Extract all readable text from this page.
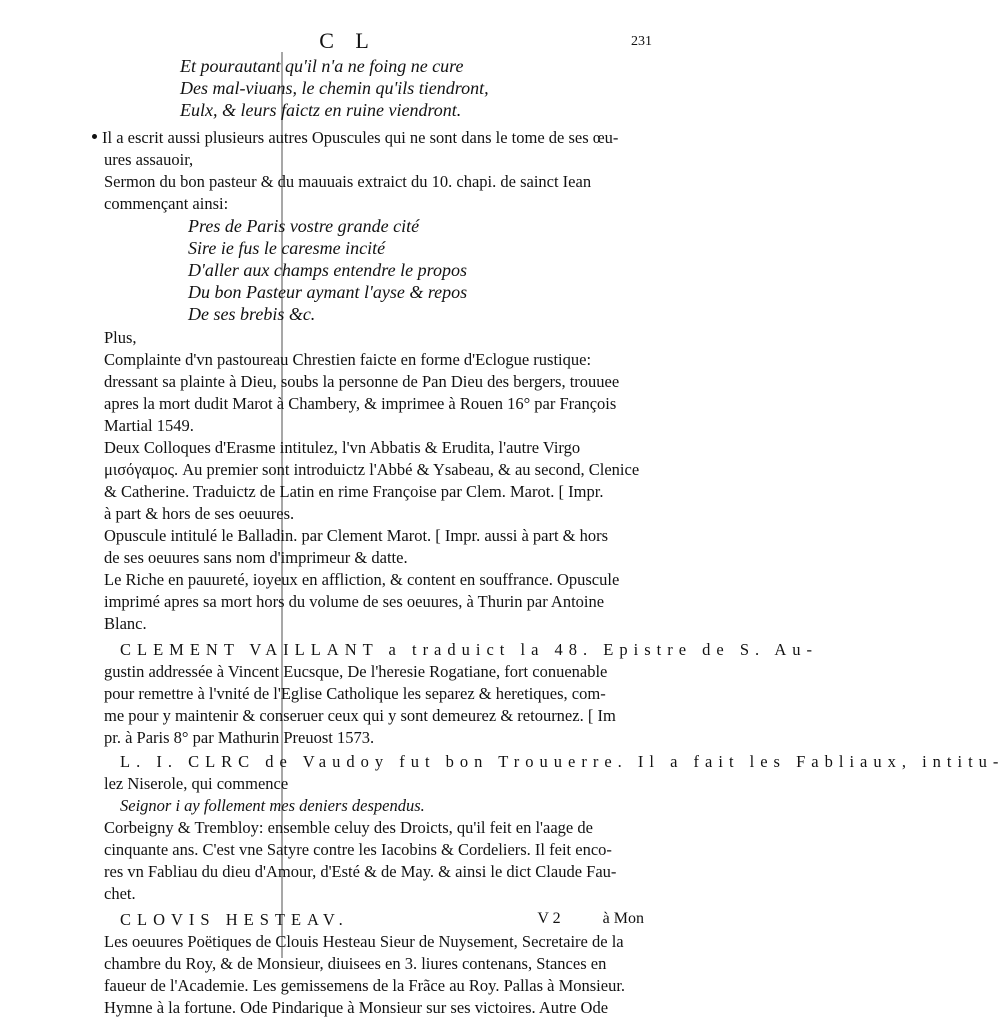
C L	231
Et pourautant qu'il n'a ne foing ne cure
Des mal-viuans, le chemin qu'ils tiendront,
Eulx, & leurs faictz en ruine viendront.
Il a escrit aussi plusieurs autres Opuscules qui ne sont dans le tome de ses œu-
ures assauoir,
Sermon du bon pasteur & du mauuais extraict du 10. chapi. de sainct Iean
commençant ainsi:
Pres de Paris vostre grande cité
Sire ie fus le caresme incité
D'aller aux champs entendre le propos
Du bon Pasteur aymant l'ayse & repos
De ses brebis &c.
Plus,
Complainte d'vn pastoureau Chrestien faicte en forme d'Eclogue rustique:
dressant sa plainte à Dieu, soubs la personne de Pan Dieu des bergers, trouuee
apres la mort dudit Marot à Chambery, & imprimee à Rouen 16° par François
Martial 1549.
Deux Colloques d'Erasme intitulez, l'vn Abbatis & Erudita, l'autre Virgo
μισόγαμος. Au premier sont introduictz l'Abbé & Ysabeau, & au second, Clenice
& Catherine. Traduictz de Latin en rime Françoise par Clem. Marot. [ Impr.
à part & hors de ses oeuures.
Opuscule intitulé le Balladin. par Clement Marot. [ Impr. aussi à part & hors
de ses oeuures sans nom d'imprimeur & datte.
Le Riche en pauureté, ioyeux en affliction, & content en souffrance. Opuscule
imprimé apres sa mort hors du volume de ses oeuures, à Thurin par Antoine
Blanc.
CLEMENT VAILLANT a traduict la 48. Epistre de S. Au-
gustin addressée à Vincent Eucsque, De l'heresie Rogatiane, fort conuenable
pour remettre à l'vnité de l'Eglise Catholique les separez & heretiques, com-
me pour y maintenir & conseruer ceux qui y sont demeurez & retournez. [ Im
pr. à Paris 8° par Mathurin Preuost 1573.
L. I. CLRC de Vaudoy fut bon Trouuerre. Il a fait les Fabliaux, intitu-
lez Niserole, qui commence
Seignor i ay follement mes deniers despendus.
Corbeigny & Trembloy: ensemble celuy des Droicts, qu'il feit en l'aage de
cinquante ans. C'est vne Satyre contre les Iacobins & Cordeliers. Il feit enco-
res vn Fabliau du dieu d'Amour, d'Esté & de May. & ainsi le dict Claude Fau-
chet.
CLOVIS HESTEAV.
Les oeuures Poëtiques de Clouis Hesteau Sieur de Nuysement, Secretaire de la
chambre du Roy, & de Monsieur, diuisees en 3. liures contenans, Stances en
faueur de l'Academie. Les gemissemens de la Frãce au Roy. Pallas à Monsieur.
Hymne à la fortune. Ode Pindarique à Monsieur sur ses victoires. Autre Ode
V 2	à Mon
